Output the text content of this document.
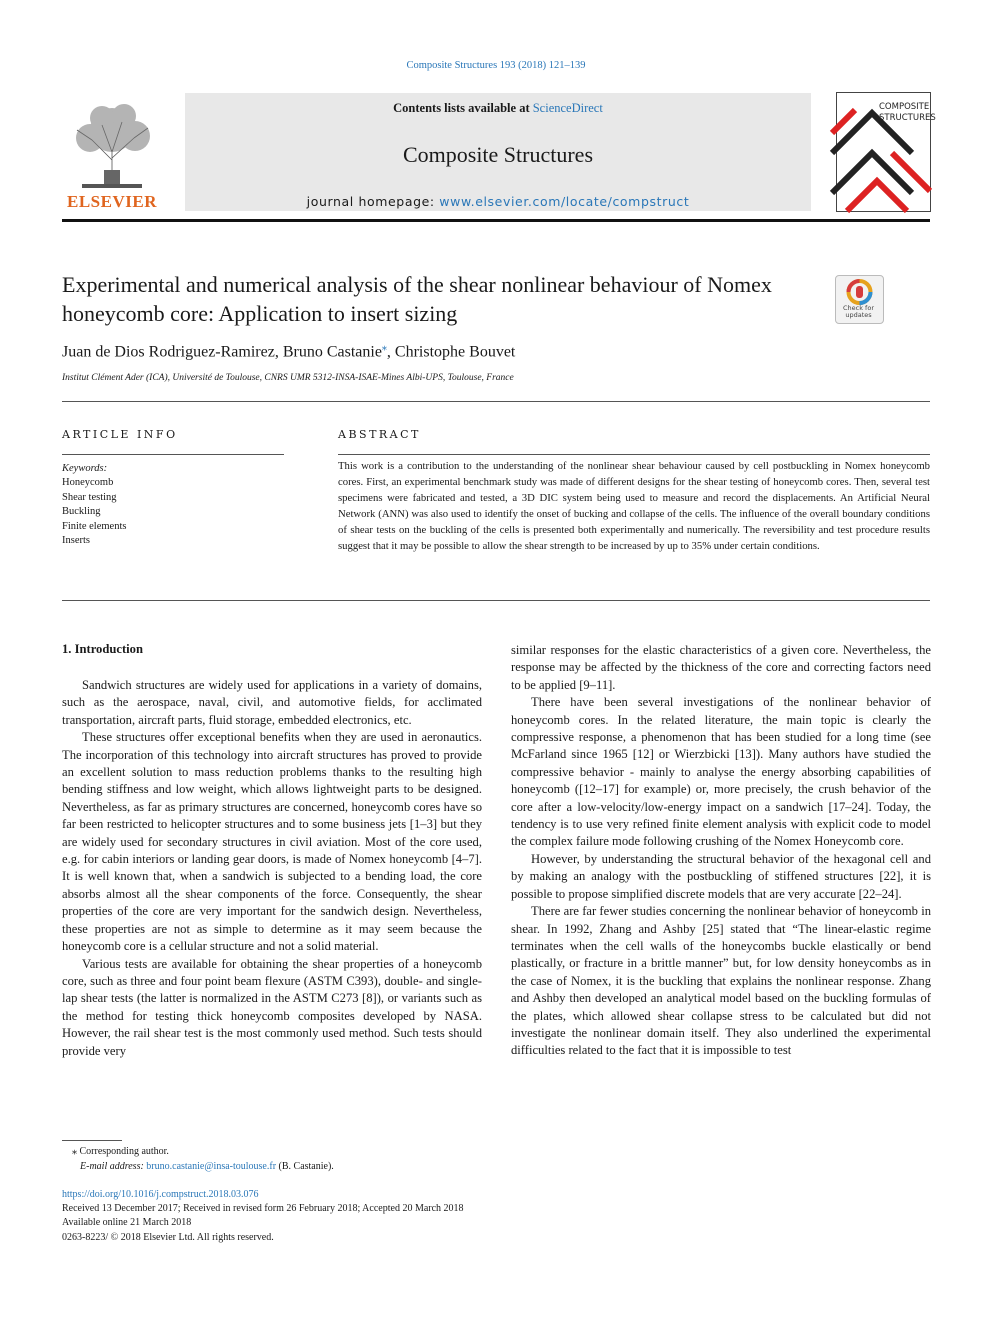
Composite Structures 193 (2018) 121–139
ELSEVIER
Contents lists available at ScienceDirect
Composite Structures
journal homepage: www.elsevier.com/locate/compstruct
COMPOSITE
STRUCTURES
Experimental and numerical analysis of the shear nonlinear behaviour of Nomex honeycomb core: Application to insert sizing	Check for updates
Juan de Dios Rodriguez-Ramirez, Bruno Castanie⁎, Christophe Bouvet
Institut Clément Ader (ICA), Université de Toulouse, CNRS UMR 5312-INSA-ISAE-Mines Albi-UPS, Toulouse, France
ARTICLE INFO
Keywords:
Honeycomb
Shear testing
Buckling
Finite elements
Inserts
ABSTRACT
This work is a contribution to the understanding of the nonlinear shear behaviour caused by cell postbuckling in Nomex honeycomb cores. First, an experimental benchmark study was made of different designs for the shear testing of honeycomb cores. Then, several test specimens were fabricated and tested, a 3D DIC system being used to measure and record the displacements. An Artificial Neural Network (ANN) was also used to identify the onset of bucking and collapse of the cells. The influence of the overall boundary conditions of shear tests on the buckling of the cells is presented both experimentally and numerically. The reversibility and test procedure results suggest that it may be possible to allow the shear strength to be increased by up to 35% under certain conditions.
1. Introduction

Sandwich structures are widely used for applications in a variety of domains, such as the aerospace, naval, civil, and automotive fields, for acclimated transportation, aircraft parts, fluid storage, embedded electronics, etc.

These structures offer exceptional benefits when they are used in aeronautics. The incorporation of this technology into aircraft structures has proved to provide an excellent solution to mass reduction problems thanks to the resulting high bending stiffness and low weight, which allows lightweight parts to be designed. Nevertheless, as far as primary structures are concerned, honeycomb cores have so far been restricted to helicopter structures and to some business jets [1–3] but they are widely used for secondary structures in civil aviation. Most of the core used, e.g. for cabin interiors or landing gear doors, is made of Nomex honeycomb [4–7]. It is well known that, when a sandwich is subjected to a bending load, the core absorbs almost all the shear components of the force. Consequently, the shear properties of the core are very important for the sandwich design. Nevertheless, these properties are not as simple to determine as it may seem because the honeycomb core is a cellular structure and not a solid material.

Various tests are available for obtaining the shear properties of a honeycomb core, such as three and four point beam flexure (ASTM C393), double- and single-lap shear tests (the latter is normalized in the ASTM C273 [8]), or variants such as the method for testing thick honeycomb composites developed by NASA. However, the rail shear test is the most commonly used method. Such tests should provide very

similar responses for the elastic characteristics of a given core. Nevertheless, the response may be affected by the thickness of the core and correcting factors need to be applied [9–11].

There have been several investigations of the nonlinear behavior of honeycomb cores. In the related literature, the main topic is clearly the compressive response, a phenomenon that has been studied for a long time (see McFarland since 1965 [12] or Wierzbicki [13]). Many authors have studied the compressive behavior - mainly to analyse the energy absorbing capabilities of honeycomb ([12–17] for example) or, more precisely, the crush behavior of the core after a low-velocity/low-energy impact on a sandwich [17–24]. Today, the tendency is to use very refined finite element analysis with explicit code to model the complex failure mode following crushing of the Nomex Honeycomb core.

However, by understanding the structural behavior of the hexagonal cell and by making an analogy with the postbuckling of stiffened structures [22], it is possible to propose simplified discrete models that are very accurate [22–24].

There are far fewer studies concerning the nonlinear behavior of honeycomb in shear. In 1992, Zhang and Ashby [25] stated that “The linear-elastic regime terminates when the cell walls of the honeycombs buckle elastically or bend plastically, or fracture in a brittle manner” but, for low density honeycombs as in the case of Nomex, it is the buckling that explains the nonlinear response. Zhang and Ashby then developed an analytical model based on the buckling formulas of the plates, which allowed shear collapse stress to be calculated but did not investigate the nonlinear domain itself. They also underlined the experimental difficulties related to the fact that it is impossible to test

⁎ Corresponding author.
E-mail address: bruno.castanie@insa-toulouse.fr (B. Castanie).
https://doi.org/10.1016/j.compstruct.2018.03.076
Received 13 December 2017; Received in revised form 26 February 2018; Accepted 20 March 2018
Available online 21 March 2018
0263-8223/ © 2018 Elsevier Ltd. All rights reserved.
